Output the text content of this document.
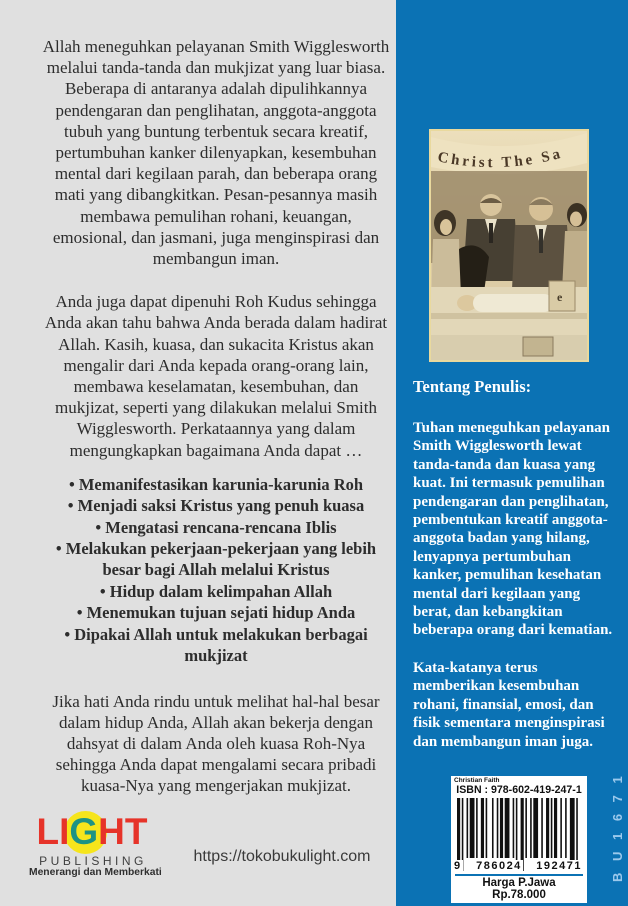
Allah meneguhkan pelayanan Smith Wigglesworth melalui tanda-tanda dan mukjizat yang luar biasa. Beberapa di antaranya adalah dipulihkannya pendengaran dan penglihatan, anggota-anggota tubuh yang buntung terbentuk secara kreatif, pertumbuhan kanker dilenyapkan, kesembuhan mental dari kegilaan parah, dan beberapa orang mati yang dibangkitkan. Pesan-pesannya masih membawa pemulihan rohani, keuangan, emosional, dan jasmani, juga menginspirasi dan membangun iman.

Anda juga dapat dipenuhi Roh Kudus sehingga Anda akan tahu bahwa Anda berada dalam hadirat Allah. Kasih, kuasa, dan sukacita Kristus akan mengalir dari Anda kepada orang-orang lain, membawa keselamatan, kesembuhan, dan mukjizat, seperti yang dilakukan melalui Smith Wigglesworth. Perkataannya yang dalam mengungkapkan bagaimana Anda dapat …

• Memanifestasikan karunia-karunia Roh
• Menjadi saksi Kristus yang penuh kuasa
• Mengatasi rencana-rencana Iblis
• Melakukan pekerjaan-pekerjaan yang lebih besar bagi Allah melalui Kristus
• Hidup dalam kelimpahan Allah
• Menemukan tujuan sejati hidup Anda
• Dipakai Allah untuk melakukan berbagai mukjizat

Jika hati Anda rindu untuk melihat hal-hal besar dalam hidup Anda, Allah akan bekerja dengan dahsyat di dalam Anda oleh kuasa Roh-Nya sehingga Anda dapat mengalami secara pribadi kuasa-Nya yang mengerjakan mukjizat.

LIGHT
PUBLISHING
Menerangi dan Memberkati
https://tokobukulight.com
Christ The Sa
e
Tentang Penulis:

Tuhan meneguhkan pelayanan Smith Wigglesworth lewat tanda-tanda dan kuasa yang kuat. Ini termasuk pemulihan pendengaran dan penglihatan, pembentukan kreatif anggota-anggota badan yang hilang, lenyapnya pertumbuhan kanker, pemulihan kesehatan mental dari kegilaan yang berat, dan kebangkitan beberapa orang dari kematian.

Kata-katanya terus memberikan kesembuhan rohani, finansial, emosi, dan fisik sementara menginspirasi dan membangun iman juga.

Christian Faith
ISBN : 978-602-419-247-1
9 786024 192471
Harga P.Jawa Rp.78.000
B U 1 6 7 1
